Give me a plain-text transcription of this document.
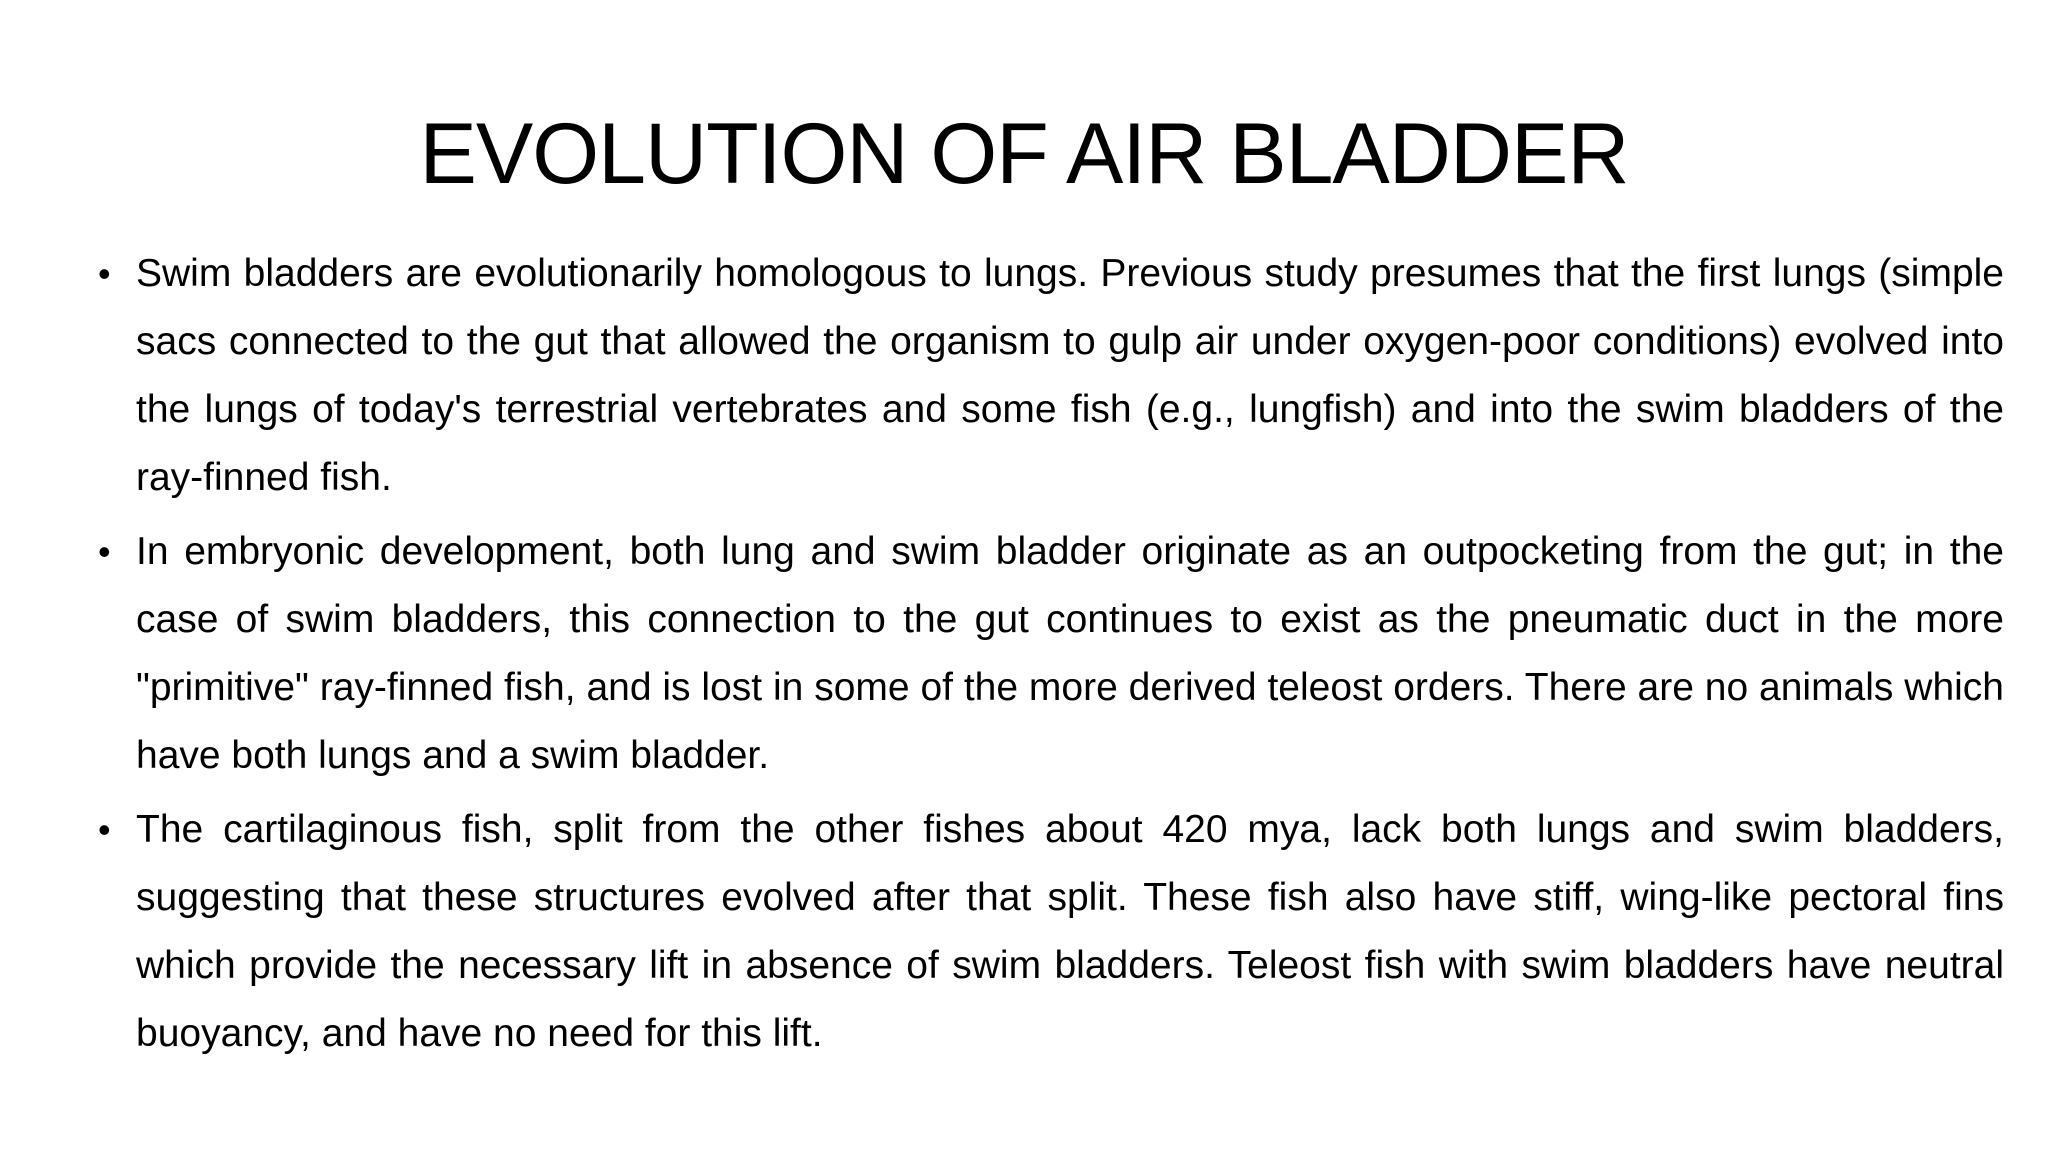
EVOLUTION OF AIR BLADDER
• Swim bladders are evolutionarily homologous to lungs. Previous study presumes that the first lungs (simple sacs connected to the gut that allowed the organism to gulp air under oxygen-poor conditions) evolved into the lungs of today's terrestrial vertebrates and some fish (e.g., lungfish) and into the swim bladders of the ray-finned fish.
• In embryonic development, both lung and swim bladder originate as an outpocketing from the gut; in the case of swim bladders, this connection to the gut continues to exist as the pneumatic duct in the more "primitive" ray-finned fish, and is lost in some of the more derived teleost orders. There are no animals which have both lungs and a swim bladder.
• The cartilaginous fish, split from the other fishes about 420 mya, lack both lungs and swim bladders, suggesting that these structures evolved after that split. These fish also have stiff, wing-like pectoral fins which provide the necessary lift in absence of swim bladders. Teleost fish with swim bladders have neutral buoyancy, and have no need for this lift.
